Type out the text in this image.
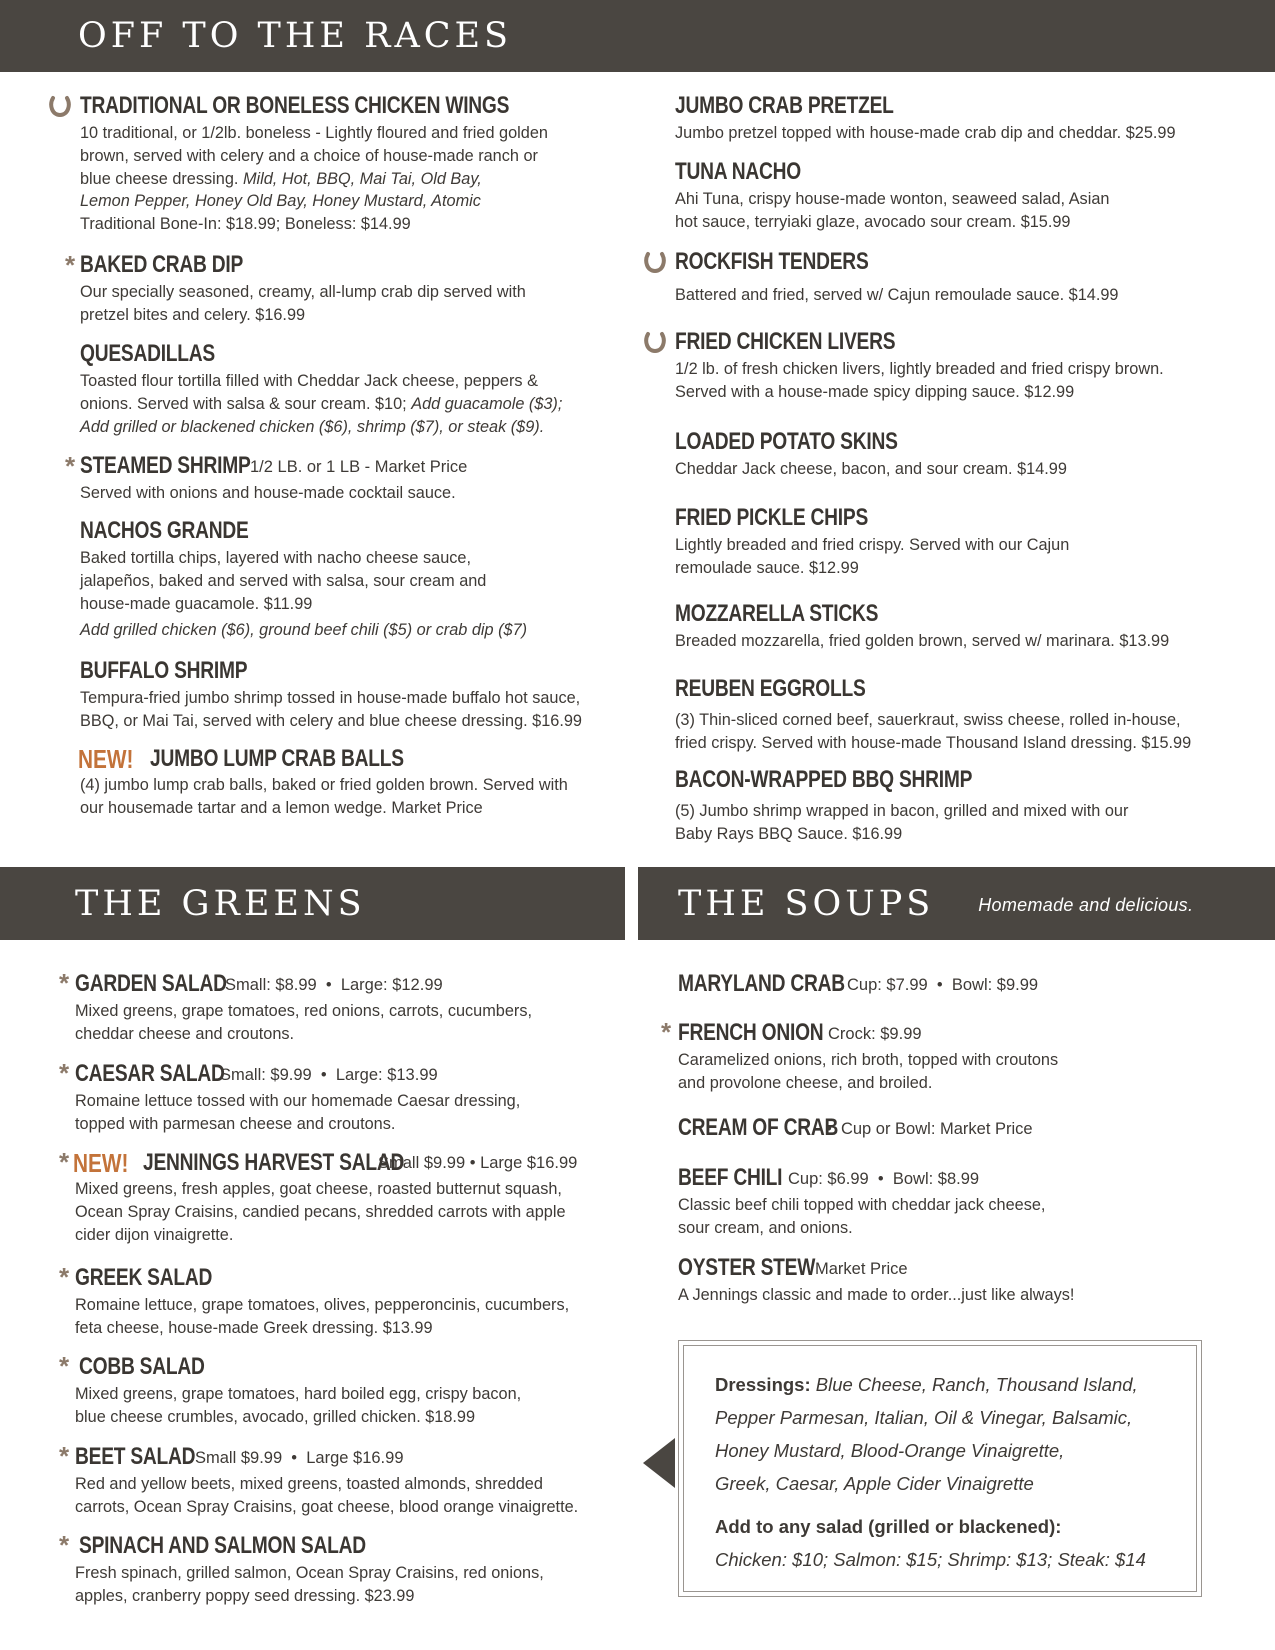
OFF TO THE RACES
TRADITIONAL OR BONELESS CHICKEN WINGS
10 traditional, or 1/2lb. boneless - Lightly floured and fried golden
brown, served with celery and a choice of house-made ranch or
blue cheese dressing. Mild, Hot, BBQ, Mai Tai, Old Bay,
Lemon Pepper, Honey Old Bay, Honey Mustard, Atomic
Traditional Bone-In: $18.99; Boneless: $14.99
* BAKED CRAB DIP
Our specially seasoned, creamy, all-lump crab dip served with
pretzel bites and celery. $16.99
QUESADILLAS
Toasted flour tortilla filled with Cheddar Jack cheese, peppers &
onions. Served with salsa & sour cream. $10; Add guacamole ($3);
Add grilled or blackened chicken ($6), shrimp ($7), or steak ($9).
* STEAMED SHRIMP 1/2 LB. or 1 LB - Market Price
Served with onions and house-made cocktail sauce.
NACHOS GRANDE
Baked tortilla chips, layered with nacho cheese sauce,
jalapeños, baked and served with salsa, sour cream and
house-made guacamole. $11.99
Add grilled chicken ($6), ground beef chili ($5) or crab dip ($7)
BUFFALO SHRIMP
Tempura-fried jumbo shrimp tossed in house-made buffalo hot sauce,
BBQ, or Mai Tai, served with celery and blue cheese dressing. $16.99
NEW! JUMBO LUMP CRAB BALLS
(4) jumbo lump crab balls, baked or fried golden brown. Served with
our housemade tartar and a lemon wedge. Market Price
JUMBO CRAB PRETZEL
Jumbo pretzel topped with house-made crab dip and cheddar. $25.99
TUNA NACHO
Ahi Tuna, crispy house-made wonton, seaweed salad, Asian
hot sauce, terryiaki glaze, avocado sour cream. $15.99
ROCKFISH TENDERS
Battered and fried, served w/ Cajun remoulade sauce. $14.99
FRIED CHICKEN LIVERS
1/2 lb. of fresh chicken livers, lightly breaded and fried crispy brown.
Served with a house-made spicy dipping sauce. $12.99
LOADED POTATO SKINS
Cheddar Jack cheese, bacon, and sour cream. $14.99
FRIED PICKLE CHIPS
Lightly breaded and fried crispy. Served with our Cajun
remoulade sauce. $12.99
MOZZARELLA STICKS
Breaded mozzarella, fried golden brown, served w/ marinara. $13.99
REUBEN EGGROLLS
(3) Thin-sliced corned beef, sauerkraut, swiss cheese, rolled in-house,
fried crispy. Served with house-made Thousand Island dressing. $15.99
BACON-WRAPPED BBQ SHRIMP
(5) Jumbo shrimp wrapped in bacon, grilled and mixed with our
Baby Rays BBQ Sauce. $16.99
THE GREENS	THE SOUPS Homemade and delicious.
* GARDEN SALAD
Small: $8.99  •  Large: $12.99
Mixed greens, grape tomatoes, red onions, carrots, cucumbers,
cheddar cheese and croutons.
* CAESAR SALAD
Small: $9.99  •  Large: $13.99
Romaine lettuce tossed with our homemade Caesar dressing,
topped with parmesan cheese and croutons.
* NEW! JENNINGS HARVEST SALAD
Small $9.99 • Large $16.99
Mixed greens, fresh apples, goat cheese, roasted butternut squash,
Ocean Spray Craisins, candied pecans, shredded carrots with apple
cider dijon vinaigrette.
* GREEK SALAD
Romaine lettuce, grape tomatoes, olives, pepperoncinis, cucumbers,
feta cheese, house-made Greek dressing. $13.99
* COBB SALAD
Mixed greens, grape tomatoes, hard boiled egg, crispy bacon,
blue cheese crumbles, avocado, grilled chicken. $18.99
* BEET SALAD Small $9.99  •  Large $16.99
Red and yellow beets, mixed greens, toasted almonds, shredded
carrots, Ocean Spray Craisins, goat cheese, blood orange vinaigrette.
* SPINACH AND SALMON SALAD
Fresh spinach, grilled salmon, Ocean Spray Craisins, red onions,
apples, cranberry poppy seed dressing. $23.99
MARYLAND CRAB Cup: $7.99  •  Bowl: $9.99
* FRENCH ONION Crock: $9.99
Caramelized onions, rich broth, topped with croutons
and provolone cheese, and broiled.
CREAM OF CRAB
•  Cup or Bowl: Market Price
BEEF CHILI Cup: $6.99  •  Bowl: $8.99
Classic beef chili topped with cheddar jack cheese,
sour cream, and onions.
OYSTER STEW Market Price
A Jennings classic and made to order...just like always!
Dressings: Blue Cheese, Ranch, Thousand Island,
Pepper Parmesan, Italian, Oil & Vinegar, Balsamic,
Honey Mustard, Blood-Orange Vinaigrette,
Greek, Caesar, Apple Cider Vinaigrette
Add to any salad (grilled or blackened):
Chicken: $10; Salmon: $15; Shrimp: $13; Steak: $14
